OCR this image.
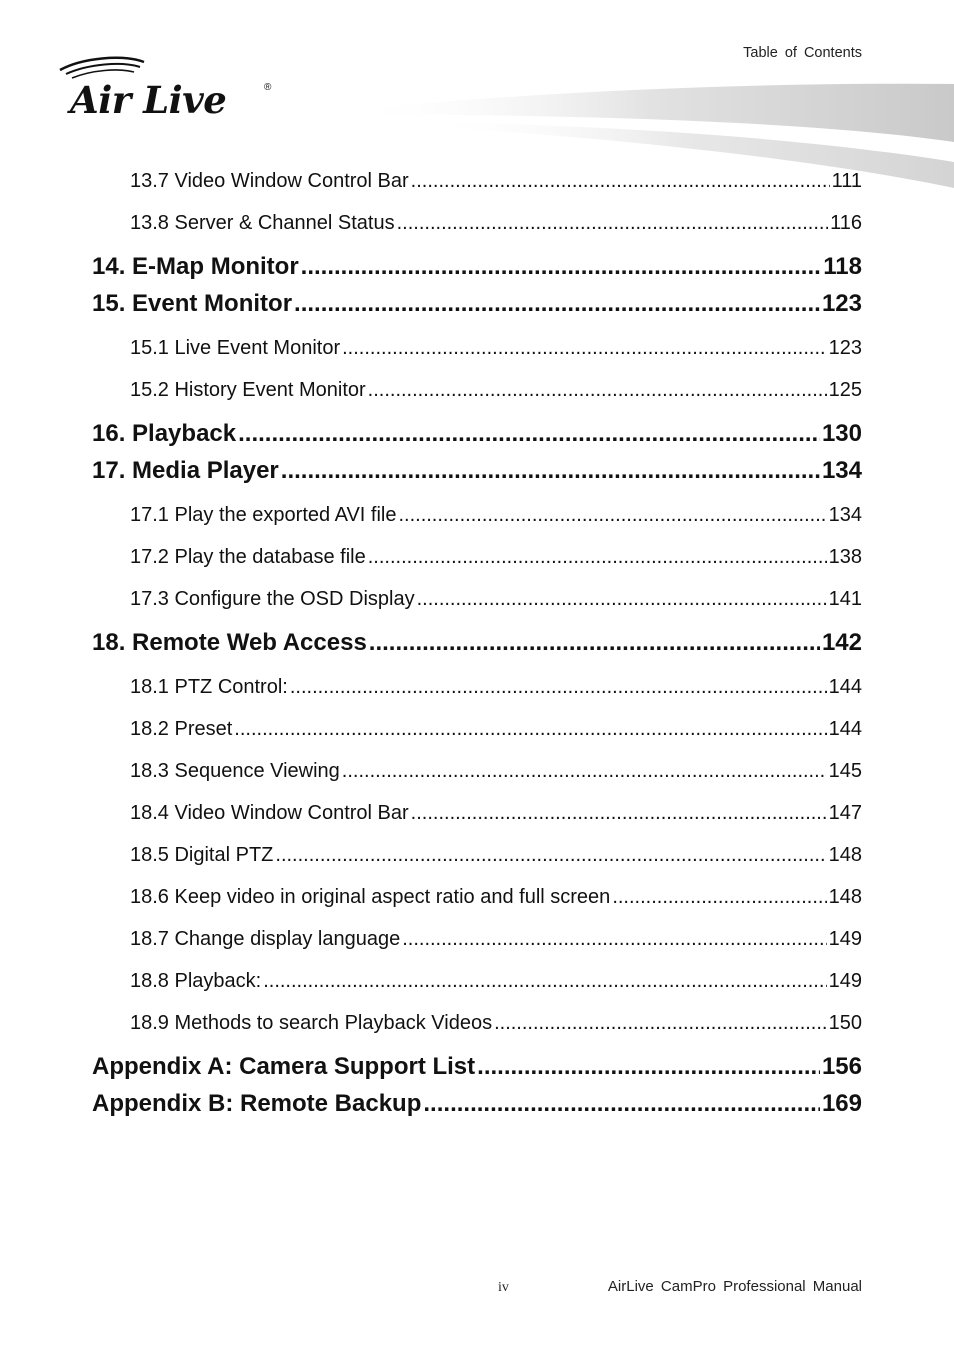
Table of Contents
Air Live	®
13.7 Video Window Control Bar .....	111
13.8 Server & Channel Status .....	116
14. E-Map Monitor .....	118
15. Event Monitor .....	123
15.1 Live Event Monitor .....	123
15.2 History Event Monitor .....	125
16. Playback .....	130
17. Media Player .....	134
17.1 Play the exported AVI file .....	134
17.2 Play the database file .....	138
17.3 Configure the OSD Display .....	141
18. Remote Web Access .....	142
18.1 PTZ Control: .....	144
18.2 Preset .....	144
18.3 Sequence Viewing .....	145
18.4 Video Window Control Bar .....	147
18.5 Digital PTZ .....	148
18.6 Keep video in original aspect ratio and full screen .....	148
18.7 Change display language .....	149
18.8 Playback: .....	149
18.9 Methods to search Playback Videos .....	150
Appendix A: Camera Support List .....	156
Appendix B: Remote Backup .....	169
iv	AirLive CamPro Professional Manual
